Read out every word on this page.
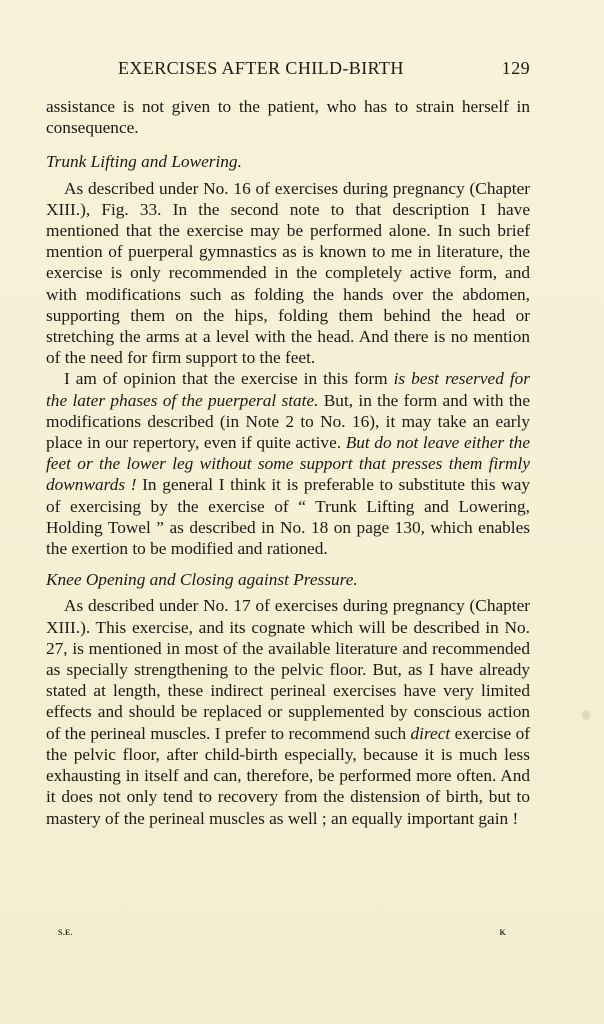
EXERCISES AFTER CHILD-BIRTH	129

assistance is not given to the patient, who has to strain herself in consequence.

Trunk Lifting and Lowering.

As described under No. 16 of exercises during pregnancy (Chapter XIII.), Fig. 33. In the second note to that description I have mentioned that the exercise may be performed alone. In such brief mention of puerperal gymnastics as is known to me in literature, the exercise is only recommended in the completely active form, and with modifications such as folding the hands over the abdomen, supporting them on the hips, folding them behind the head or stretching the arms at a level with the head. And there is no mention of the need for firm support to the feet.

I am of opinion that the exercise in this form is best reserved for the later phases of the puerperal state. But, in the form and with the modifications described (in Note 2 to No. 16), it may take an early place in our repertory, even if quite active. But do not leave either the feet or the lower leg without some support that presses them firmly downwards ! In general I think it is preferable to substitute this way of exercising by the exercise of “ Trunk Lifting and Lowering, Holding Towel ” as described in No. 18 on page 130, which enables the exertion to be modified and rationed.

Knee Opening and Closing against Pressure.

As described under No. 17 of exercises during pregnancy (Chapter XIII.). This exercise, and its cognate which will be described in No. 27, is mentioned in most of the available literature and recommended as specially strengthening to the pelvic floor. But, as I have already stated at length, these indirect perineal exercises have very limited effects and should be replaced or supplemented by conscious action of the perineal muscles. I prefer to recommend such direct exercise of the pelvic floor, after child-birth especially, because it is much less exhausting in itself and can, therefore, be performed more often. And it does not only tend to recovery from the distension of birth, but to mastery of the perineal muscles as well ; an equally important gain !

S.E.	K
